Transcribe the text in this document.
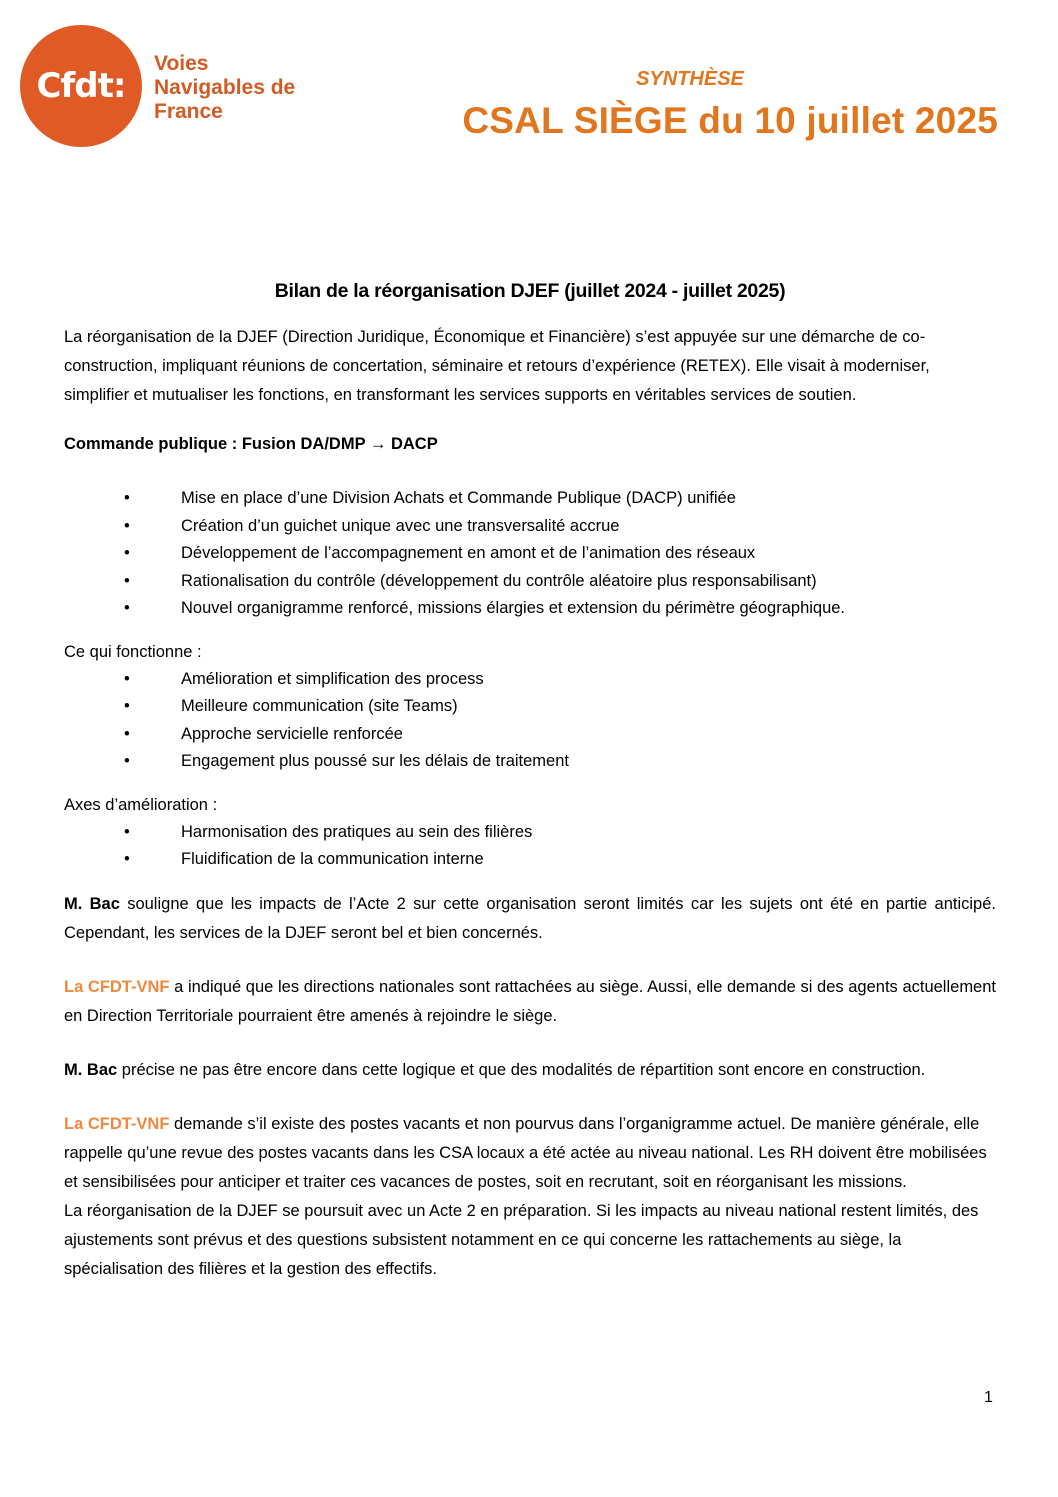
Cfdt:
Voies
Navigables de
France
SYNTHÈSE
CSAL SIÈGE du 10 juillet 2025
Bilan de la réorganisation DJEF (juillet 2024 - juillet 2025)

La réorganisation de la DJEF (Direction Juridique, Économique et Financière) s’est appuyée sur une démarche de co-construction, impliquant réunions de concertation, séminaire et retours d’expérience (RETEX). Elle visait à moderniser, simplifier et mutualiser les fonctions, en transformant les services supports en véritables services de soutien.

Commande publique : Fusion DA/DMP → DACP

•	Mise en place d’une Division Achats et Commande Publique (DACP) unifiée
•	Création d’un guichet unique avec une transversalité accrue
•	Développement de l’accompagnement en amont et de l’animation des réseaux
•	Rationalisation du contrôle (développement du contrôle aléatoire plus responsabilisant)
•	Nouvel organigramme renforcé, missions élargies et extension du périmètre géographique.

Ce qui fonctionne :

•	Amélioration et simplification des process
•	Meilleure communication (site Teams)
•	Approche servicielle renforcée
•	Engagement plus poussé sur les délais de traitement

Axes d’amélioration :

•	Harmonisation des pratiques au sein des filières
•	Fluidification de la communication interne

M. Bac souligne que les impacts de l’Acte 2 sur cette organisation seront limités car les sujets ont été en partie anticipé. Cependant, les services de la DJEF seront bel et bien concernés.

La CFDT-VNF a indiqué que les directions nationales sont rattachées au siège. Aussi, elle demande si des agents actuellement en Direction Territoriale pourraient être amenés à rejoindre le siège.

M. Bac précise ne pas être encore dans cette logique et que des modalités de répartition sont encore en construction.

La CFDT-VNF demande s’il existe des postes vacants et non pourvus dans l’organigramme actuel. De manière générale, elle rappelle qu’une revue des postes vacants dans les CSA locaux a été actée au niveau national. Les RH doivent être mobilisées et sensibilisées pour anticiper et traiter ces vacances de postes, soit en recrutant, soit en réorganisant les missions.

La réorganisation de la DJEF se poursuit avec un Acte 2 en préparation. Si les impacts au niveau national restent limités, des ajustements sont prévus et des questions subsistent notamment en ce qui concerne les rattachements au siège, la spécialisation des filières et la gestion des effectifs.

1
